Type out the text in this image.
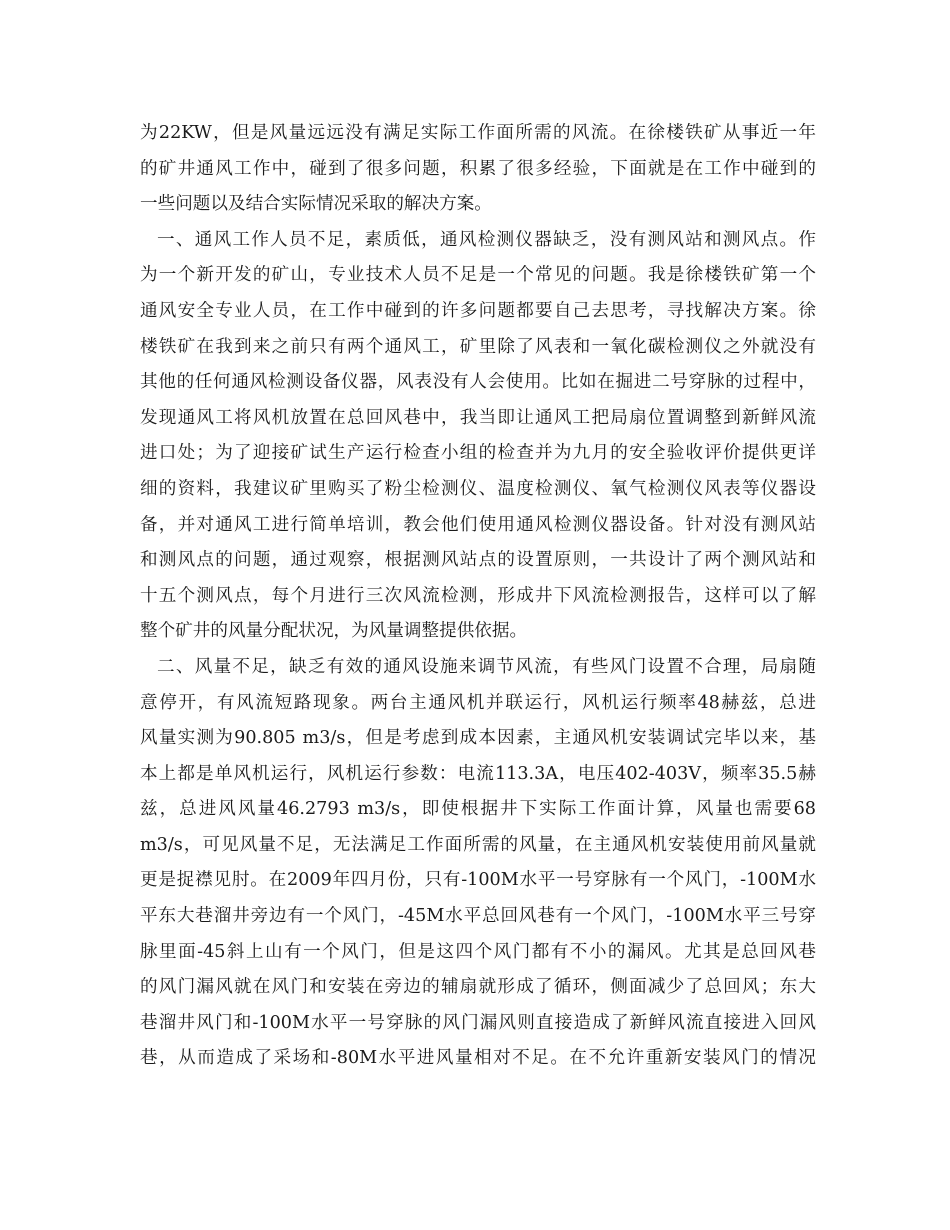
为22KW，但是风量远远没有满足实际工作面所需的风流。在徐楼铁矿从事近一年
的矿井通风工作中，碰到了很多问题，积累了很多经验，下面就是在工作中碰到的
一些问题以及结合实际情况采取的解决方案。
一、通风工作人员不足，素质低，通风检测仪器缺乏，没有测风站和测风点。作
为一个新开发的矿山，专业技术人员不足是一个常见的问题。我是徐楼铁矿第一个
通风安全专业人员，在工作中碰到的许多问题都要自己去思考，寻找解决方案。徐
楼铁矿在我到来之前只有两个通风工，矿里除了风表和一氧化碳检测仪之外就没有
其他的任何通风检测设备仪器，风表没有人会使用。比如在掘进二号穿脉的过程中，
发现通风工将风机放置在总回风巷中，我当即让通风工把局扇位置调整到新鲜风流
进口处；为了迎接矿试生产运行检查小组的检查并为九月的安全验收评价提供更详
细的资料，我建议矿里购买了粉尘检测仪、温度检测仪、氧气检测仪风表等仪器设
备，并对通风工进行简单培训，教会他们使用通风检测仪器设备。针对没有测风站
和测风点的问题，通过观察，根据测风站点的设置原则，一共设计了两个测风站和
十五个测风点，每个月进行三次风流检测，形成井下风流检测报告，这样可以了解
整个矿井的风量分配状况，为风量调整提供依据。
二、风量不足，缺乏有效的通风设施来调节风流，有些风门设置不合理，局扇随
意停开，有风流短路现象。两台主通风机并联运行，风机运行频率48赫兹，总进
风量实测为90.805 m3/s，但是考虑到成本因素，主通风机安装调试完毕以来，基
本上都是单风机运行，风机运行参数：电流113.3A，电压402-403V，频率35.5赫
兹，总进风风量46.2793 m3/s，即使根据井下实际工作面计算，风量也需要68
m3/s，可见风量不足，无法满足工作面所需的风量，在主通风机安装使用前风量就
更是捉襟见肘。在2009年四月份，只有-100M水平一号穿脉有一个风门，-100M水
平东大巷溜井旁边有一个风门，-45M水平总回风巷有一个风门，-100M水平三号穿
脉里面-45斜上山有一个风门，但是这四个风门都有不小的漏风。尤其是总回风巷
的风门漏风就在风门和安装在旁边的辅扇就形成了循环，侧面减少了总回风；东大
巷溜井风门和-100M水平一号穿脉的风门漏风则直接造成了新鲜风流直接进入回风
巷，从而造成了采场和-80M水平进风量相对不足。在不允许重新安装风门的情况
